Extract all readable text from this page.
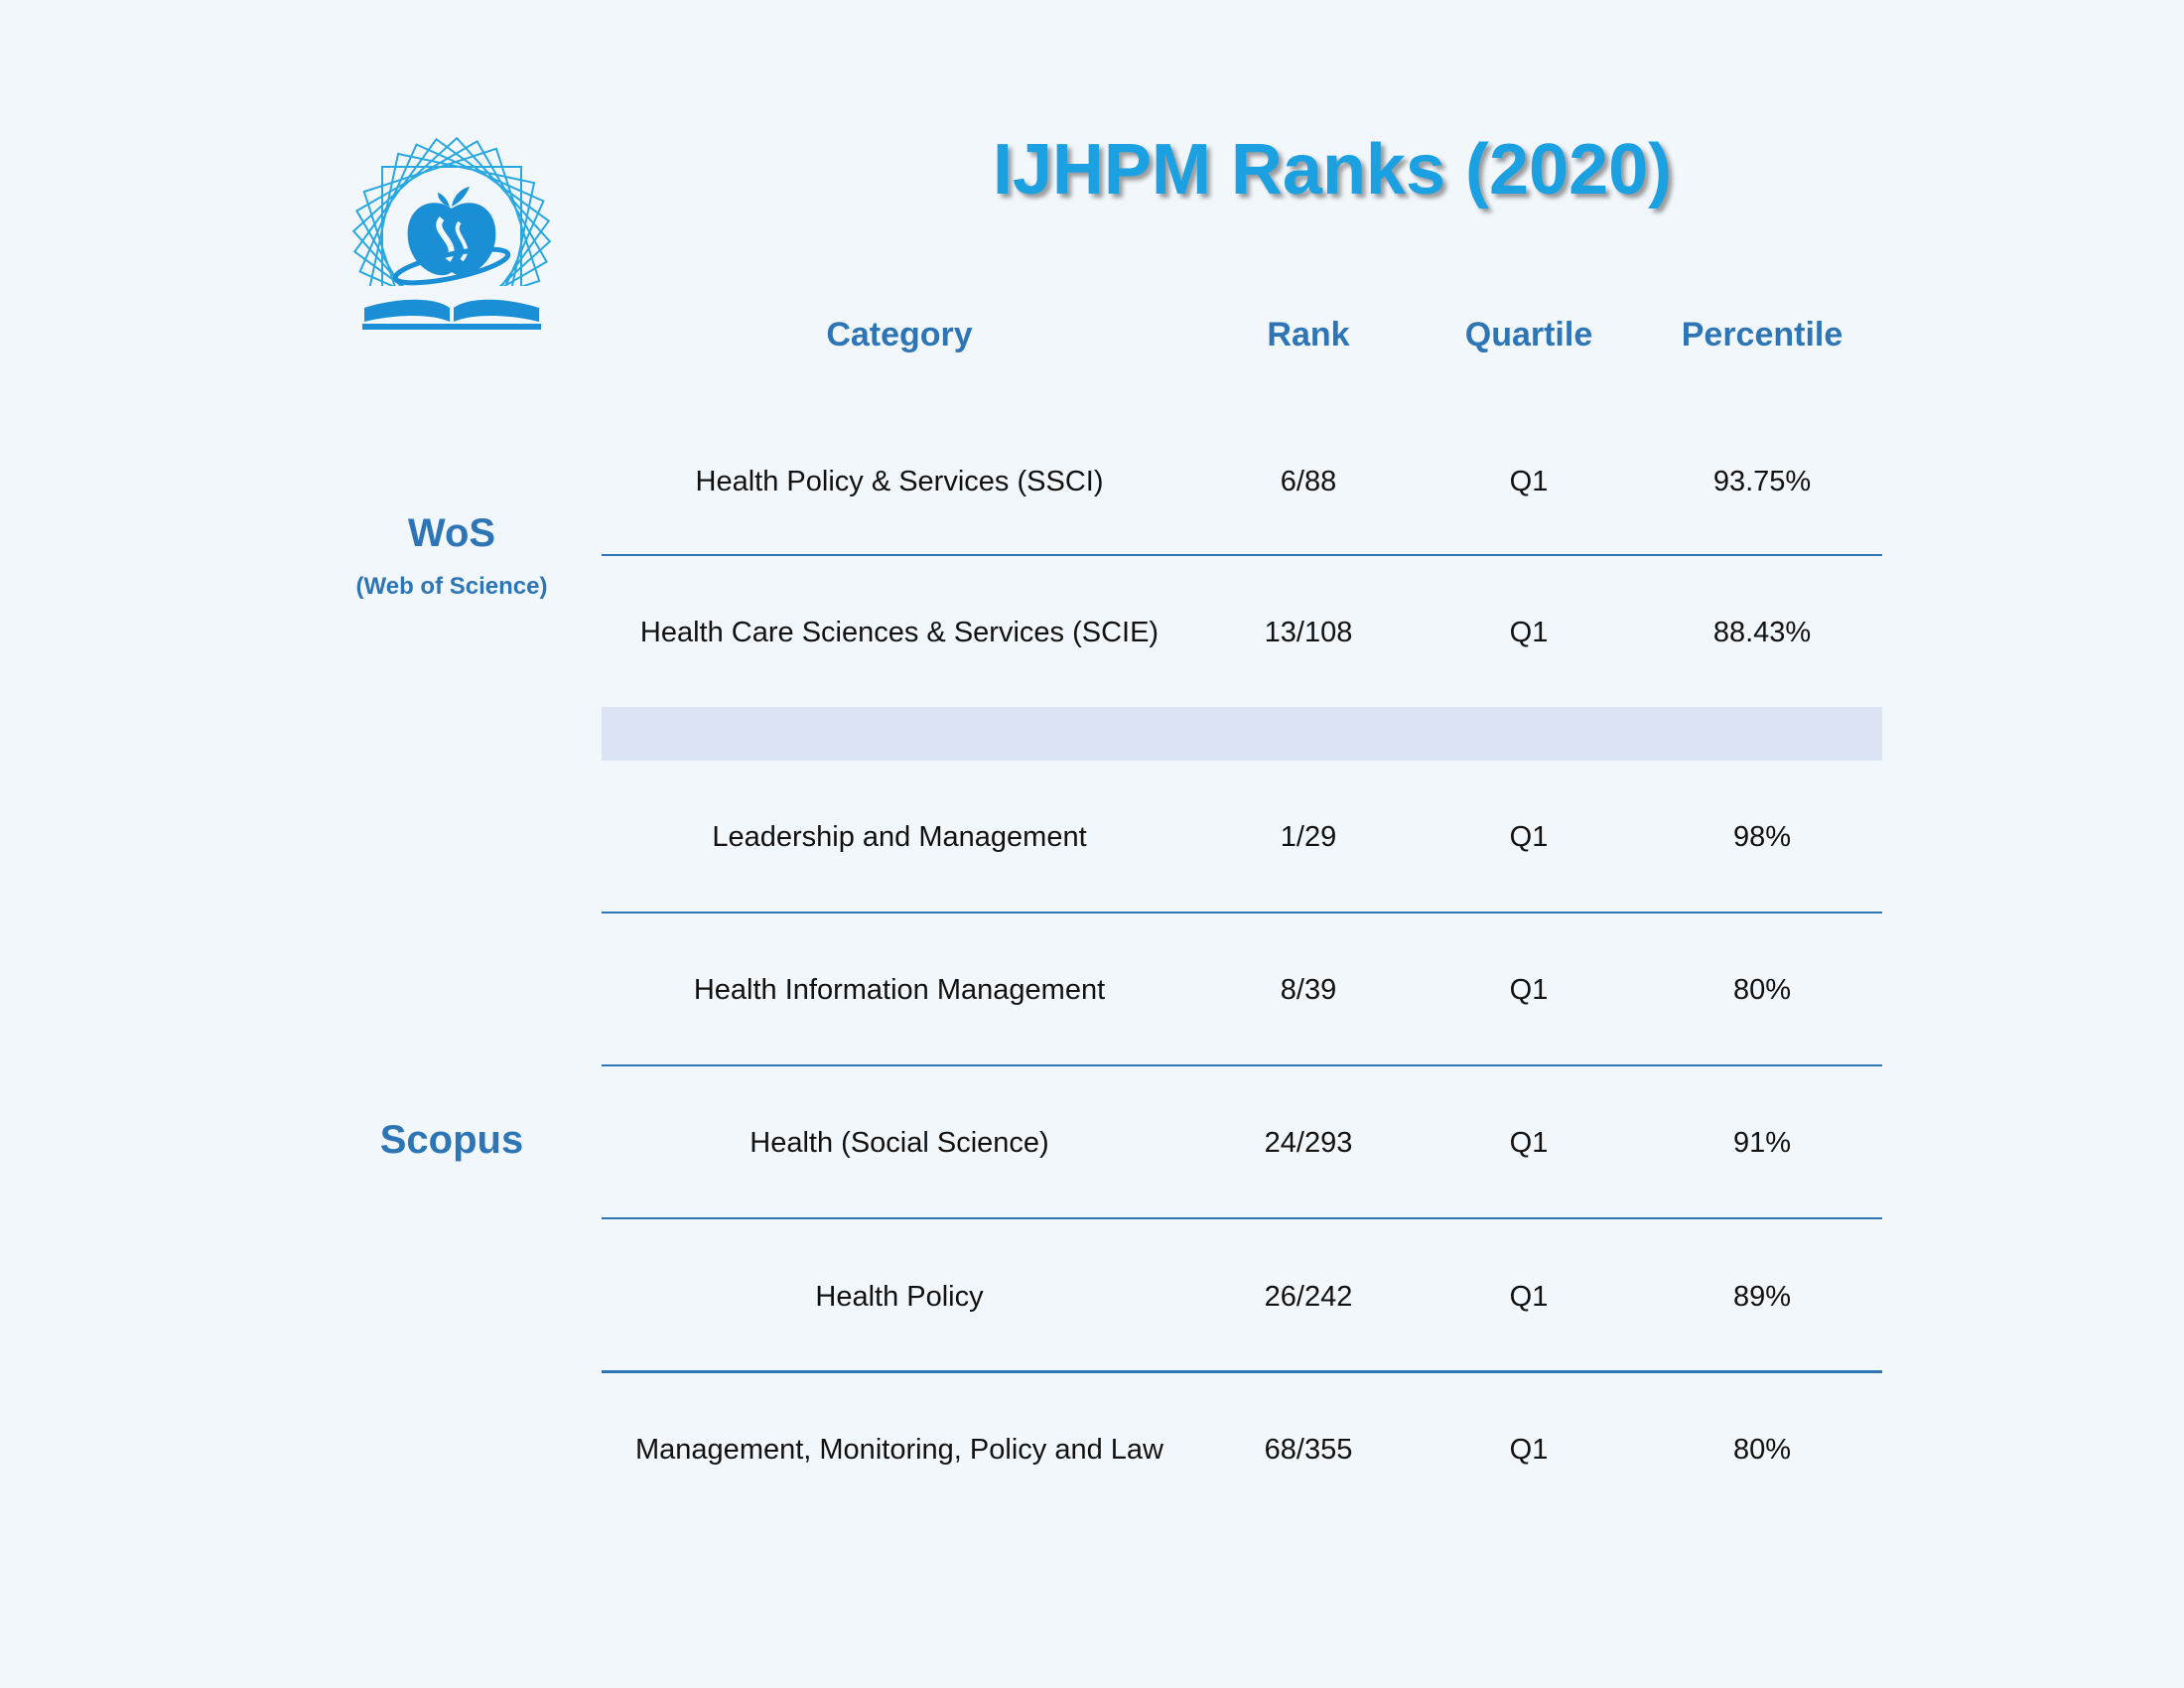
IJHPM Ranks (2020)
Category	Rank	Quartile	Percentile
WoS
(Web of Science)
Scopus
Health Policy & Services (SSCI)	6/88	Q1	93.75%
Health Care Sciences & Services (SCIE)	13/108	Q1	88.43%
Leadership and Management	1/29	Q1	98%
Health Information Management	8/39	Q1	80%
Health (Social Science)	24/293	Q1	91%
Health Policy	26/242	Q1	89%
Management, Monitoring, Policy and Law	68/355	Q1	80%
